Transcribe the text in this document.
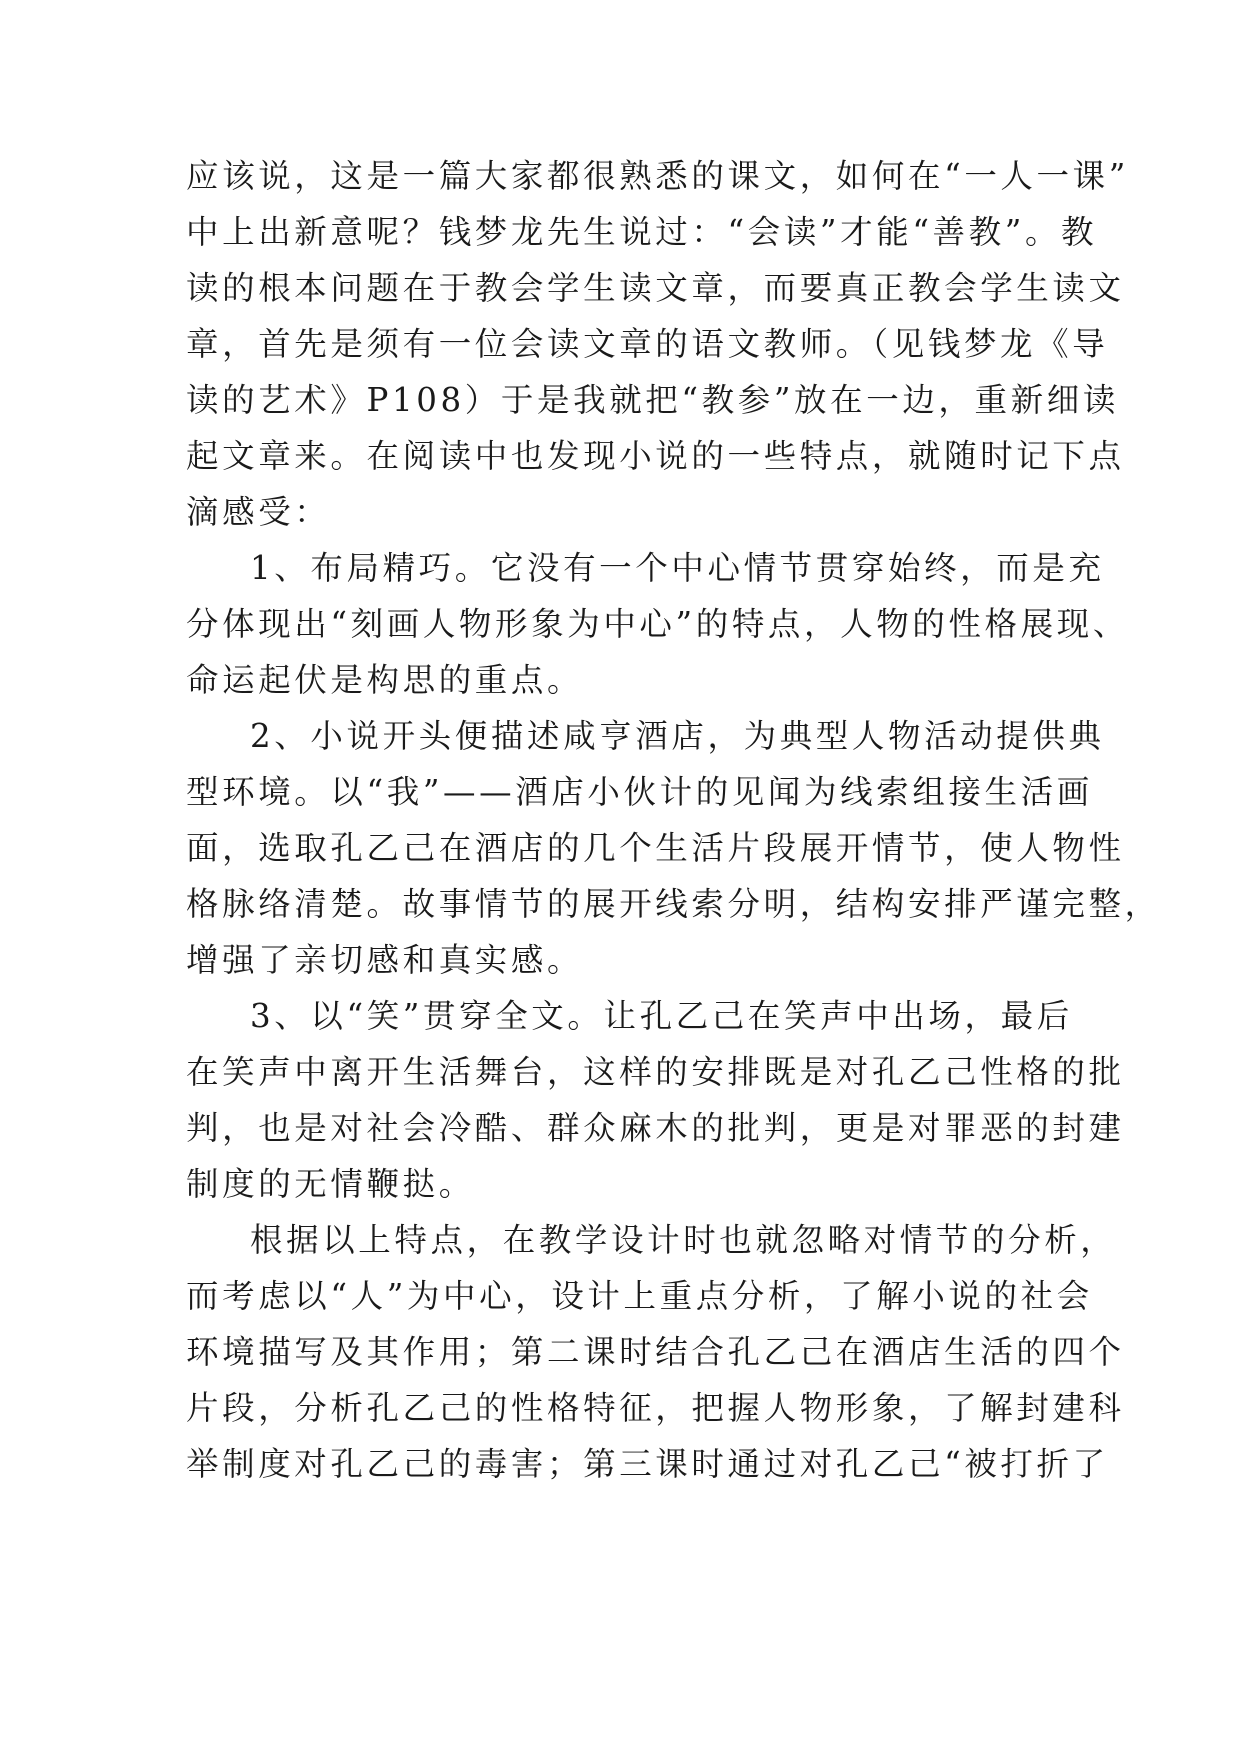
应该说，这是一篇大家都很熟悉的课文，如何在“一人一课”
中上出新意呢？钱梦龙先生说过：“会读”才能“善教”。教
读的根本问题在于教会学生读文章，而要真正教会学生读文
章，首先是须有一位会读文章的语文教师。（见钱梦龙《导
读的艺术》P108）于是我就把“教参”放在一边，重新细读
起文章来。在阅读中也发现小说的一些特点，就随时记下点
滴感受：
1、布局精巧。它没有一个中心情节贯穿始终，而是充
分体现出“刻画人物形象为中心”的特点，人物的性格展现、
命运起伏是构思的重点。
2、小说开头便描述咸亨酒店，为典型人物活动提供典
型环境。以“我”——酒店小伙计的见闻为线索组接生活画
面，选取孔乙己在酒店的几个生活片段展开情节，使人物性
格脉络清楚。故事情节的展开线索分明，结构安排严谨完整，
增强了亲切感和真实感。
3、以“笑”贯穿全文。让孔乙己在笑声中出场，最后
在笑声中离开生活舞台，这样的安排既是对孔乙己性格的批
判，也是对社会冷酷、群众麻木的批判，更是对罪恶的封建
制度的无情鞭挞。
根据以上特点，在教学设计时也就忽略对情节的分析，
而考虑以“人”为中心，设计上重点分析，了解小说的社会
环境描写及其作用；第二课时结合孔乙己在酒店生活的四个
片段，分析孔乙己的性格特征，把握人物形象，了解封建科
举制度对孔乙己的毒害；第三课时通过对孔乙己“被打折了
